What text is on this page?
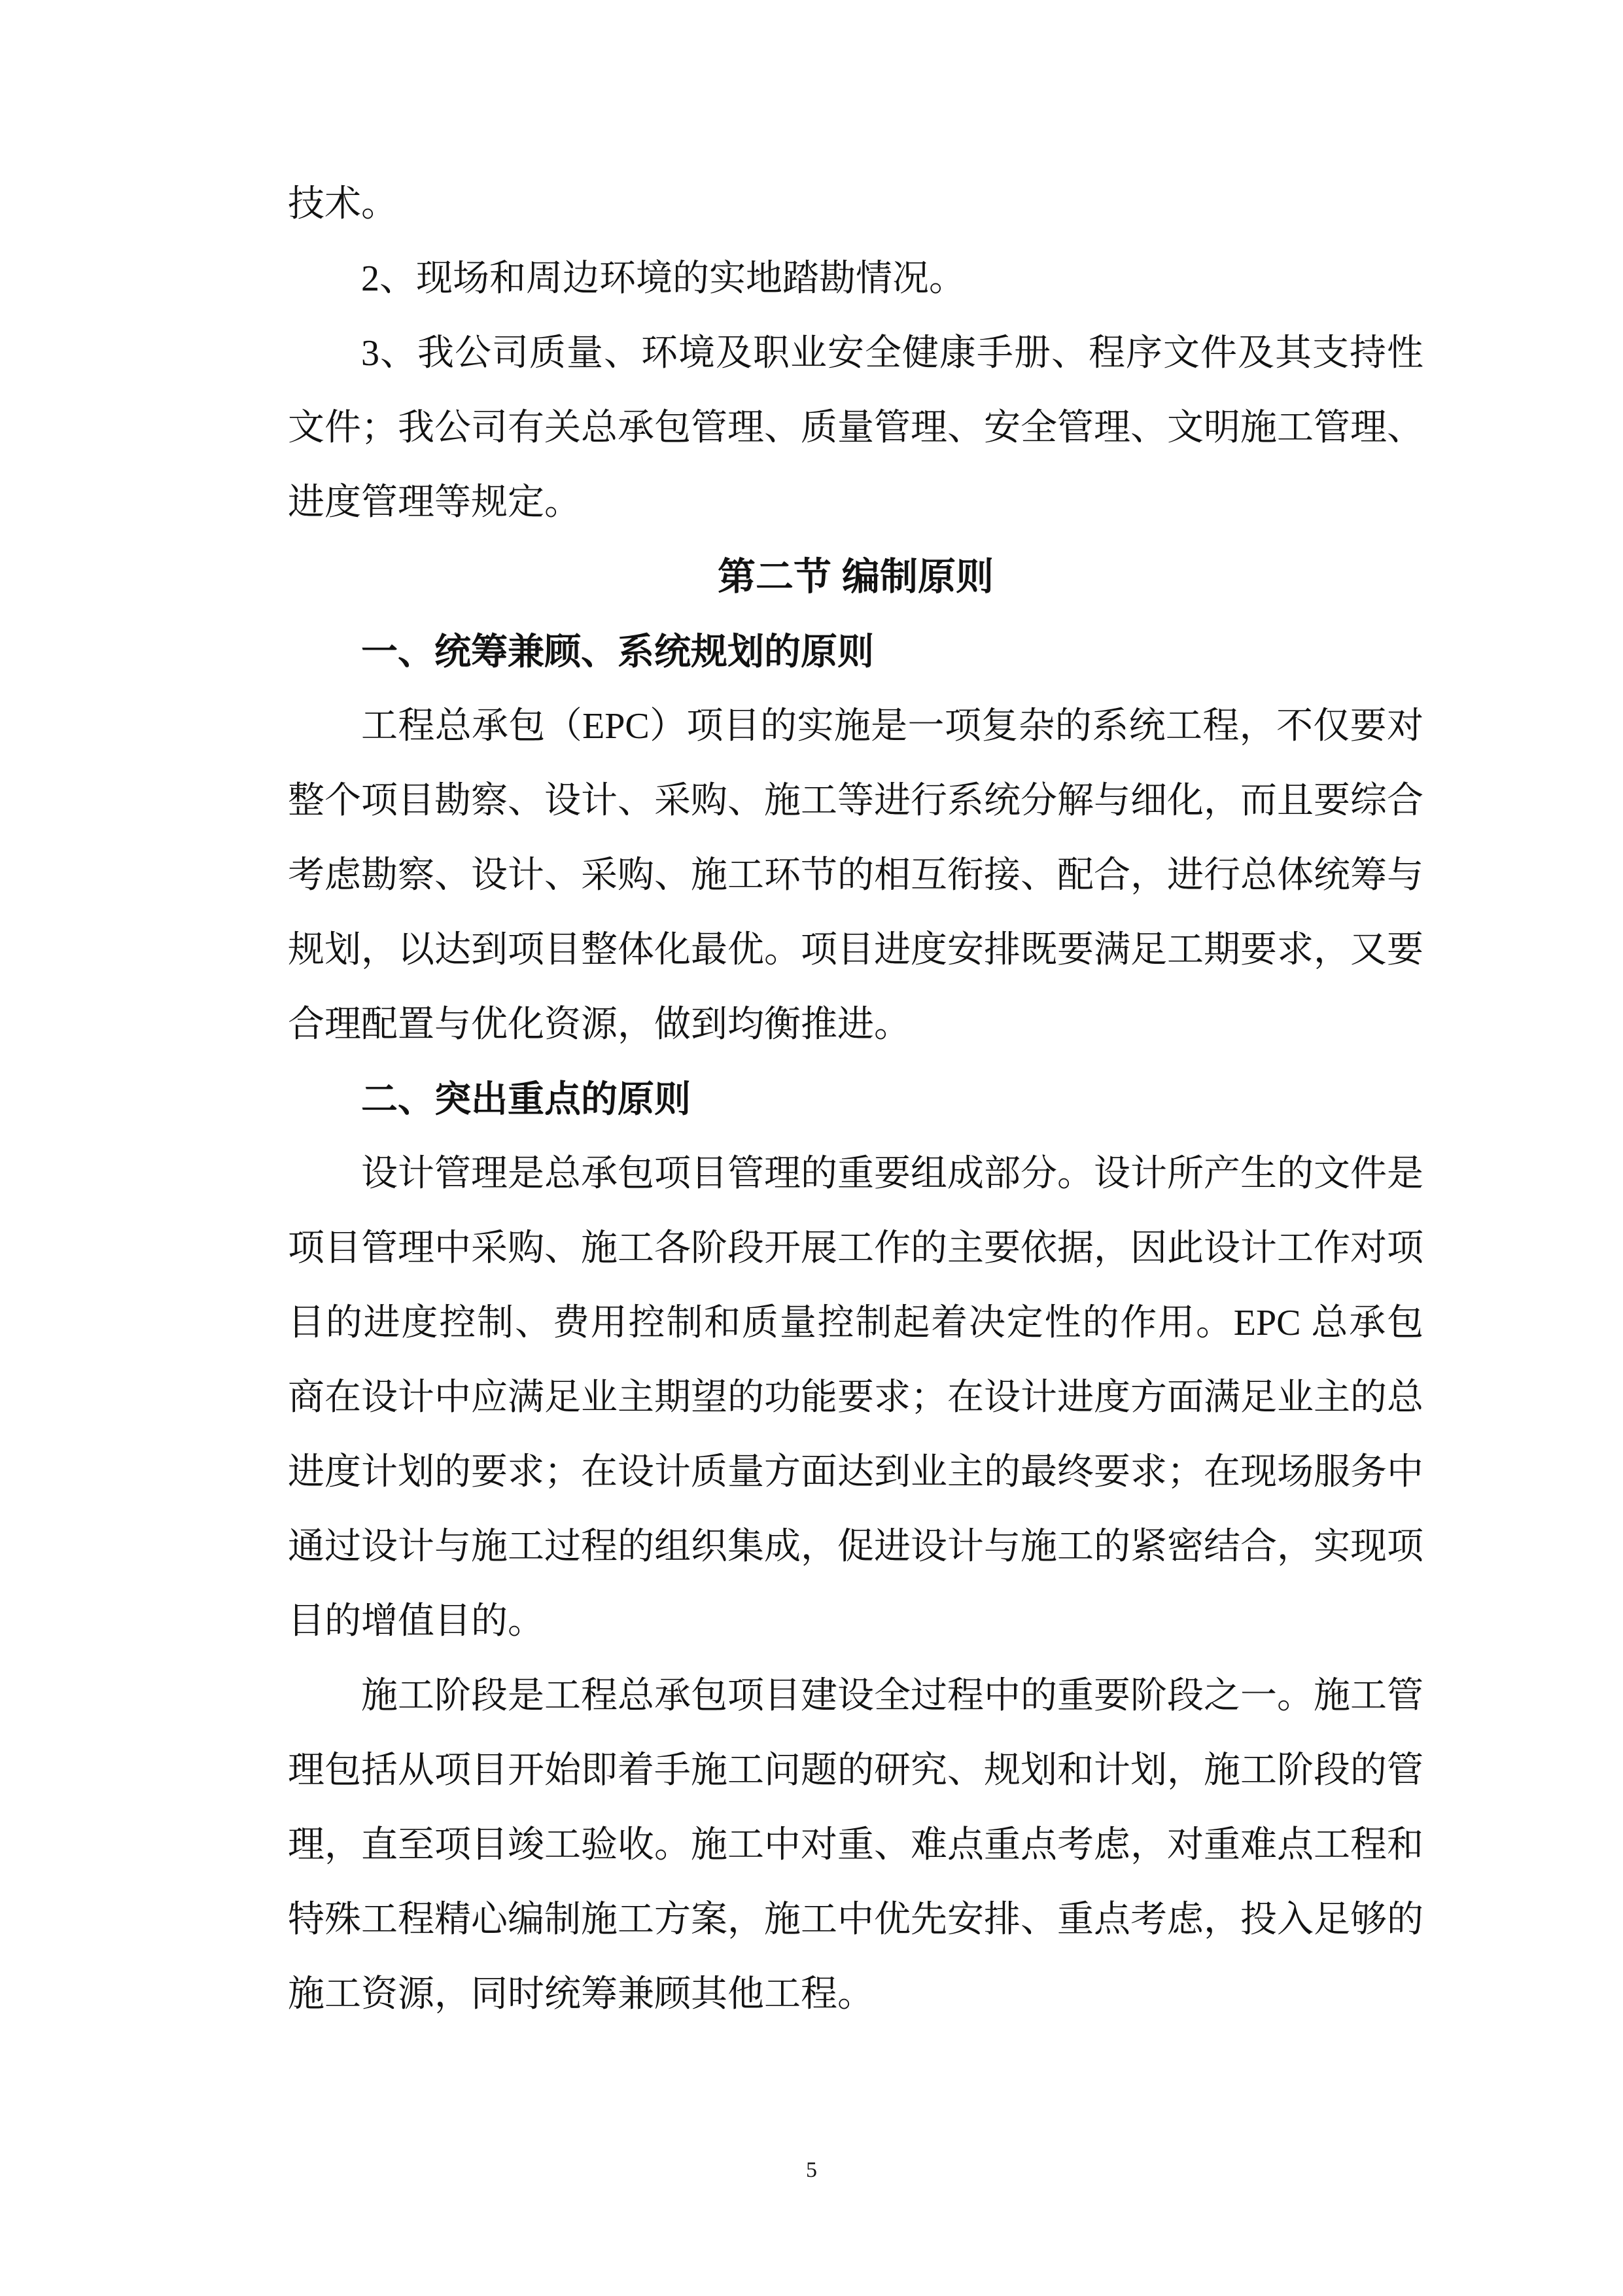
技术。

2、现场和周边环境的实地踏勘情况。

3、我公司质量、环境及职业安全健康手册、程序文件及其支持性文件；我公司有关总承包管理、质量管理、安全管理、文明施工管理、进度管理等规定。

第二节 编制原则

一、统筹兼顾、系统规划的原则

工程总承包（EPC）项目的实施是一项复杂的系统工程，不仅要对整个项目勘察、设计、采购、施工等进行系统分解与细化，而且要综合考虑勘察、设计、采购、施工环节的相互衔接、配合，进行总体统筹与规划，以达到项目整体化最优。项目进度安排既要满足工期要求，又要合理配置与优化资源，做到均衡推进。

二、突出重点的原则

设计管理是总承包项目管理的重要组成部分。设计所产生的文件是项目管理中采购、施工各阶段开展工作的主要依据，因此设计工作对项目的进度控制、费用控制和质量控制起着决定性的作用。EPC 总承包商在设计中应满足业主期望的功能要求；在设计进度方面满足业主的总进度计划的要求；在设计质量方面达到业主的最终要求；在现场服务中通过设计与施工过程的组织集成，促进设计与施工的紧密结合，实现项目的增值目的。

施工阶段是工程总承包项目建设全过程中的重要阶段之一。施工管理包括从项目开始即着手施工问题的研究、规划和计划，施工阶段的管理，直至项目竣工验收。施工中对重、难点重点考虑，对重难点工程和特殊工程精心编制施工方案，施工中优先安排、重点考虑，投入足够的施工资源，同时统筹兼顾其他工程。

5
